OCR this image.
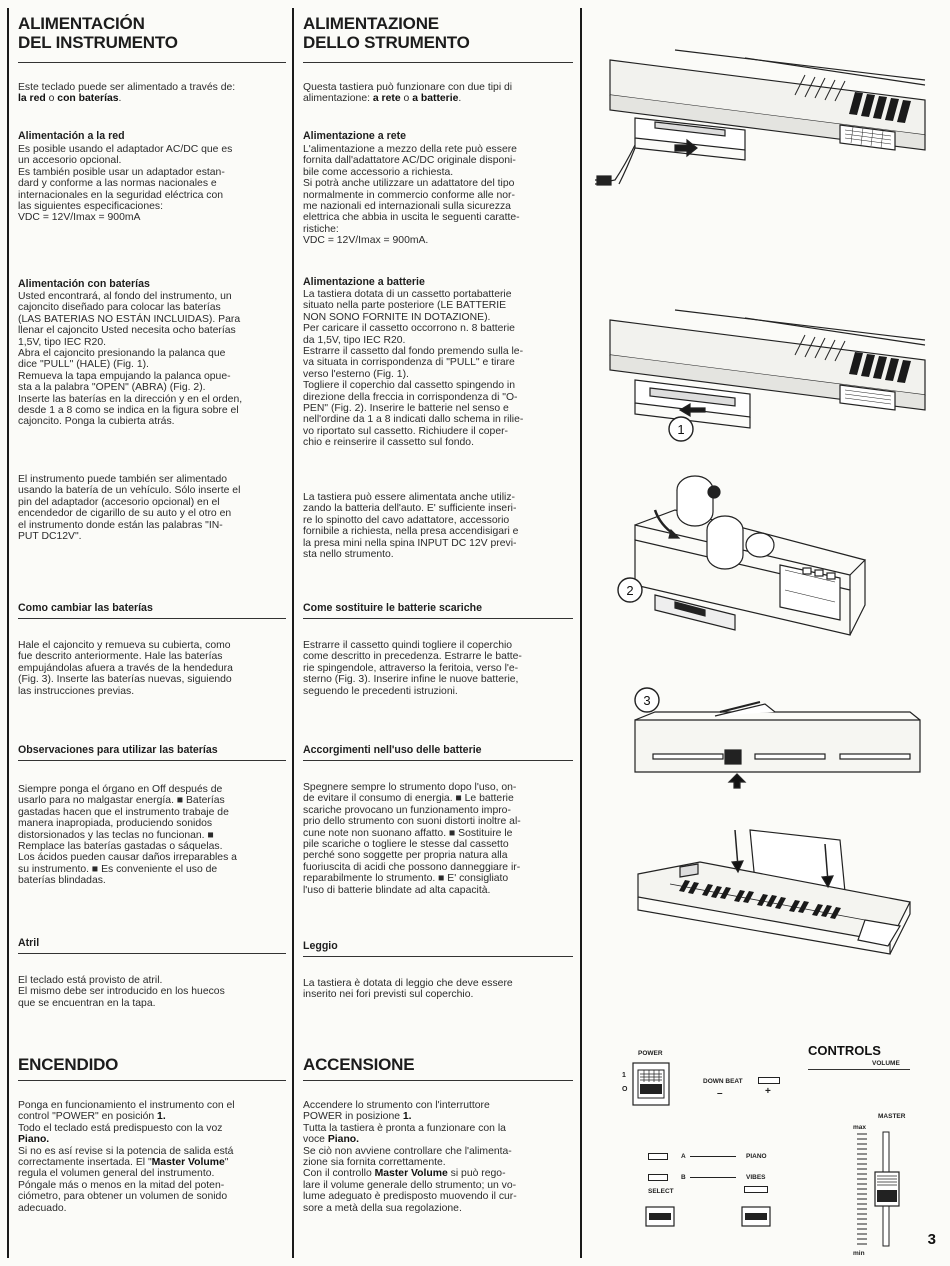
ALIMENTACIÓN
DEL INSTRUMENTO

Este teclado puede ser alimentado a través de:

la red o con baterías.

Alimentación a la red

Es posible usando el adaptador AC/DC que es

un accesorio opcional.

Es también posible usar un adaptador estan-

dard y conforme a las normas nacionales e

internacionales en la seguridad eléctrica con

las siguientes especificaciones:

VDC = 12V/Imax = 900mA

Alimentación con baterías

Usted encontrará, al fondo del instrumento, un

cajoncito diseñado para colocar las baterías

(LAS BATERIAS NO ESTÁN INCLUIDAS). Para

llenar el cajoncito Usted necesita ocho baterías

1,5V, tipo IEC R20.

Abra el cajoncito presionando la palanca que

dice "PULL" (HALE) (Fig. 1).

Remueva la tapa empujando la palanca opue-

sta a la palabra "OPEN" (ABRA) (Fig. 2).

Inserte las baterías en la dirección y en el orden,

desde 1 a 8 como se indica en la figura sobre el

cajoncito. Ponga la cubierta atrás.

El instrumento puede también ser alimentado

usando la batería de un vehículo. Sólo inserte el

pin del adaptador (accesorio opcional) en el

encendedor de cigarillo de su auto y el otro en

el instrumento donde están las palabras "IN-

PUT DC12V".

Como cambiar las baterías

Hale el cajoncito y remueva su cubierta, como

fue descrito anteriormente. Hale las baterías

empujándolas afuera a través de la hendedura

(Fig. 3). Inserte las baterías nuevas, siguiendo

las instrucciones previas.

Observaciones para utilizar las baterías

Siempre ponga el órgano en Off después de

usarlo para no malgastar energía. ■ Baterías

gastadas hacen que el instrumento trabaje de

manera inapropiada, produciendo sonidos

distorsionados y las teclas no funcionan. ■

Remplace las baterías gastadas o sáquelas.

Los ácidos pueden causar daños irreparables a

su instrumento. ■ Es conveniente el uso de

baterías blindadas.

Atril

El teclado está provisto de atril.

El mismo debe ser introducido en los huecos

que se encuentran en la tapa.

ENCENDIDO

Ponga en funcionamiento el instrumento con el

control "POWER" en posición 1.

Todo el teclado está predispuesto con la voz

Piano.

Si no es así revise si la potencia de salida está

correctamente insertada. El "Master Volume"

regula el volumen general del instrumento.

Póngale más o menos en la mitad del poten-

ciómetro, para obtener un volumen de sonido

adecuado.

ALIMENTAZIONE
DELLO STRUMENTO

Questa tastiera può funzionare con due tipi di

alimentazione: a rete o a batterie.

Alimentazione a rete

L'alimentazione a mezzo della rete può essere

fornita dall'adattatore AC/DC originale disponi-

bile come accessorio a richiesta.

Si potrà anche utilizzare un adattatore del tipo

normalmente in commercio conforme alle nor-

me nazionali ed internazionali sulla sicurezza

elettrica che abbia in uscita le seguenti caratte-

ristiche:

VDC = 12V/Imax = 900mA.

Alimentazione a batterie

La tastiera dotata di un cassetto portabatterie

situato nella parte posteriore (LE BATTERIE

NON SONO FORNITE IN DOTAZIONE).

Per caricare il cassetto occorrono n. 8 batterie

da 1,5V, tipo IEC R20.

Estrarre il cassetto dal fondo premendo sulla le-

va situata in corrispondenza di "PULL" e tirare

verso l'esterno (Fig. 1).

Togliere il coperchio dal cassetto spingendo in

direzione della freccia in corrispondenza di "O-

PEN" (Fig. 2). Inserire le batterie nel senso e

nell'ordine da 1 a 8 indicati dallo schema in rilie-

vo riportato sul cassetto. Richiudere il coper-

chio e reinserire il cassetto sul fondo.

La tastiera può essere alimentata anche utiliz-

zando la batteria dell'auto. E' sufficiente inseri-

re lo spinotto del cavo adattatore, accessorio

fornibile a richiesta, nella presa accendisigari e

la presa mini nella spina INPUT DC 12V previ-

sta nello strumento.

Come sostituire le batterie scariche

Estrarre il cassetto quindi togliere il coperchio

come descritto in precedenza. Estrarre le batte-

rie spingendole, attraverso la feritoia, verso l'e-

sterno (Fig. 3). Inserire infine le nuove batterie,

seguendo le precedenti istruzioni.

Accorgimenti nell'uso delle batterie

Spegnere sempre lo strumento dopo l'uso, on-

de evitare il consumo di energia. ■ Le batterie

scariche provocano un funzionamento impro-

prio dello strumento con suoni distorti inoltre al-

cune note non suonano affatto. ■ Sostituire le

pile scariche o togliere le stesse dal cassetto

perché sono soggette per propria natura alla

fuoriuscita di acidi che possono danneggiare ir-

reparabilmente lo strumento. ■ E' consigliato

l'uso di batterie blindate ad alta capacità.

Leggio

La tastiera è dotata di leggio che deve essere

inserito nei fori previsti sul coperchio.

ACCENSIONE

Accendere lo strumento con l'interruttore

POWER in posizione 1.

Tutta la tastiera è pronta a funzionare con la

voce Piano.

Se ciò non avviene controllare che l'alimenta-

zione sia fornita correttamente.

Con il controllo Master Volume si può rego-

lare il volume generale dello strumento; un vo-

lume adeguato è predisposto muovendo il cur-

sore a metà della sua regolazione.

1
2
3
CONTROLS
VOLUME
POWER
1
O
DOWN BEAT
–	+
A	PIANO
B	VIBES
SELECT
MASTER
max
min
3
